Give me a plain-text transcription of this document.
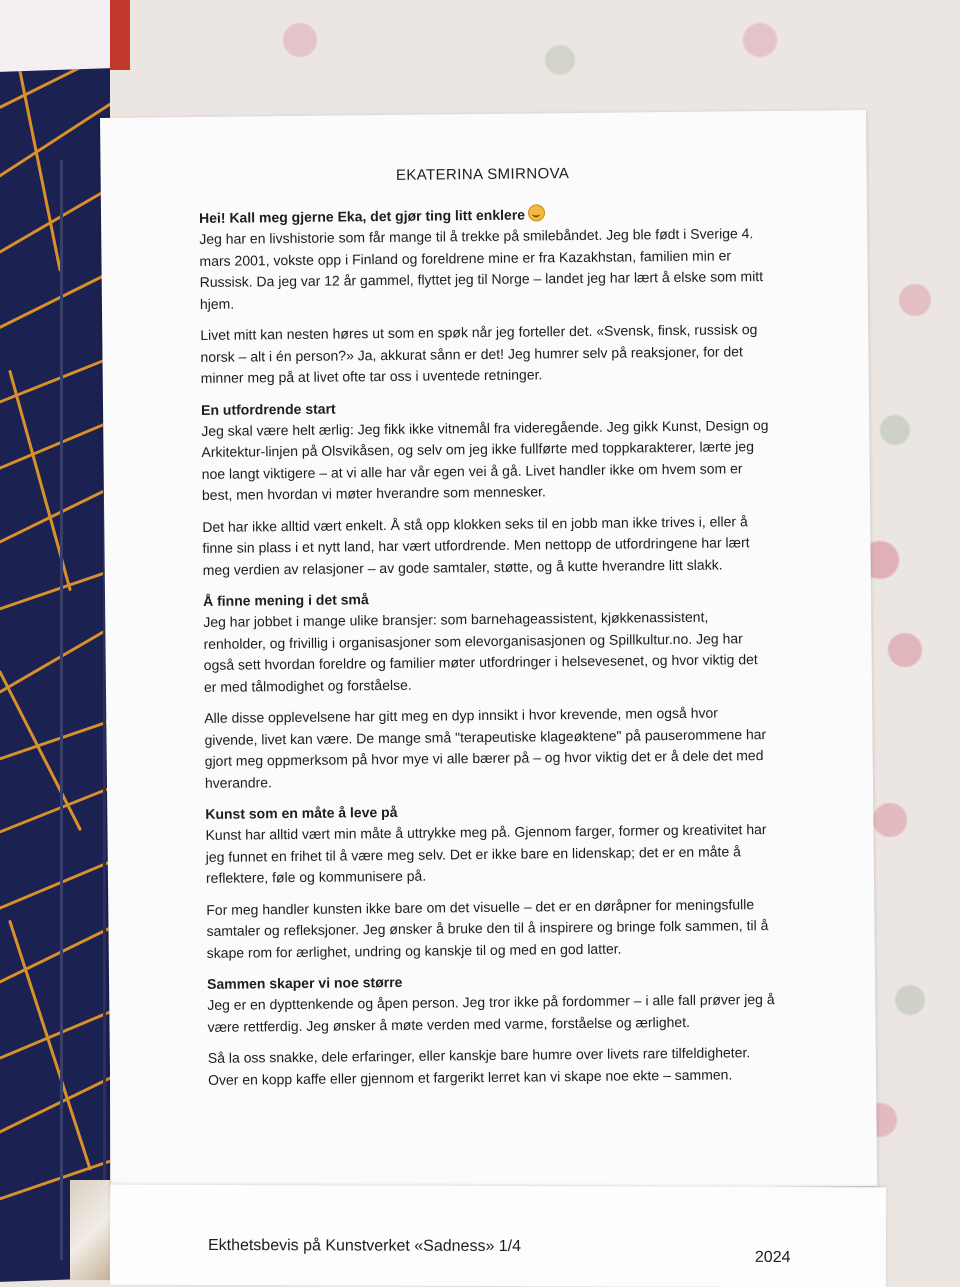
EKATERINA SMIRNOVA
Hei! Kall meg gjerne Eka, det gjør ting litt enklere

Jeg har en livshistorie som får mange til å trekke på smilebåndet. Jeg ble født i Sverige 4. mars 2001, vokste opp i Finland og foreldrene mine er fra Kazakhstan, familien min er Russisk. Da jeg var 12 år gammel, flyttet jeg til Norge – landet jeg har lært å elske som mitt hjem.

Livet mitt kan nesten høres ut som en spøk når jeg forteller det. «Svensk, finsk, russisk og norsk – alt i én person?» Ja, akkurat sånn er det! Jeg humrer selv på reaksjoner, for det minner meg på at livet ofte tar oss i uventede retninger.

En utfordrende start

Jeg skal være helt ærlig: Jeg fikk ikke vitnemål fra videregående. Jeg gikk Kunst, Design og Arkitektur-linjen på Olsvikåsen, og selv om jeg ikke fullførte med toppkarakterer, lærte jeg noe langt viktigere – at vi alle har vår egen vei å gå. Livet handler ikke om hvem som er best, men hvordan vi møter hverandre som mennesker.

Det har ikke alltid vært enkelt. Å stå opp klokken seks til en jobb man ikke trives i, eller å finne sin plass i et nytt land, har vært utfordrende. Men nettopp de utfordringene har lært meg verdien av relasjoner – av gode samtaler, støtte, og å kutte hverandre litt slakk.

Å finne mening i det små

Jeg har jobbet i mange ulike bransjer: som barnehageassistent, kjøkkenassistent, renholder, og frivillig i organisasjoner som elevorganisasjonen og Spillkultur.no. Jeg har også sett hvordan foreldre og familier møter utfordringer i helsevesenet, og hvor viktig det er med tålmodighet og forståelse.

Alle disse opplevelsene har gitt meg en dyp innsikt i hvor krevende, men også hvor givende, livet kan være. De mange små "terapeutiske klageøktene" på pauserommene har gjort meg oppmerksom på hvor mye vi alle bærer på – og hvor viktig det er å dele det med hverandre.

Kunst som en måte å leve på

Kunst har alltid vært min måte å uttrykke meg på. Gjennom farger, former og kreativitet har jeg funnet en frihet til å være meg selv. Det er ikke bare en lidenskap; det er en måte å reflektere, føle og kommunisere på.

For meg handler kunsten ikke bare om det visuelle – det er en døråpner for meningsfulle samtaler og refleksjoner. Jeg ønsker å bruke den til å inspirere og bringe folk sammen, til å skape rom for ærlighet, undring og kanskje til og med en god latter.

Sammen skaper vi noe større

Jeg er en dypttenkende og åpen person. Jeg tror ikke på fordommer – i alle fall prøver jeg å være rettferdig. Jeg ønsker å møte verden med varme, forståelse og ærlighet.

Så la oss snakke, dele erfaringer, eller kanskje bare humre over livets rare tilfeldigheter. Over en kopp kaffe eller gjennom et fargerikt lerret kan vi skape noe ekte – sammen.

Ekthetsbevis på Kunstverket «Sadness» 1/4
2024
